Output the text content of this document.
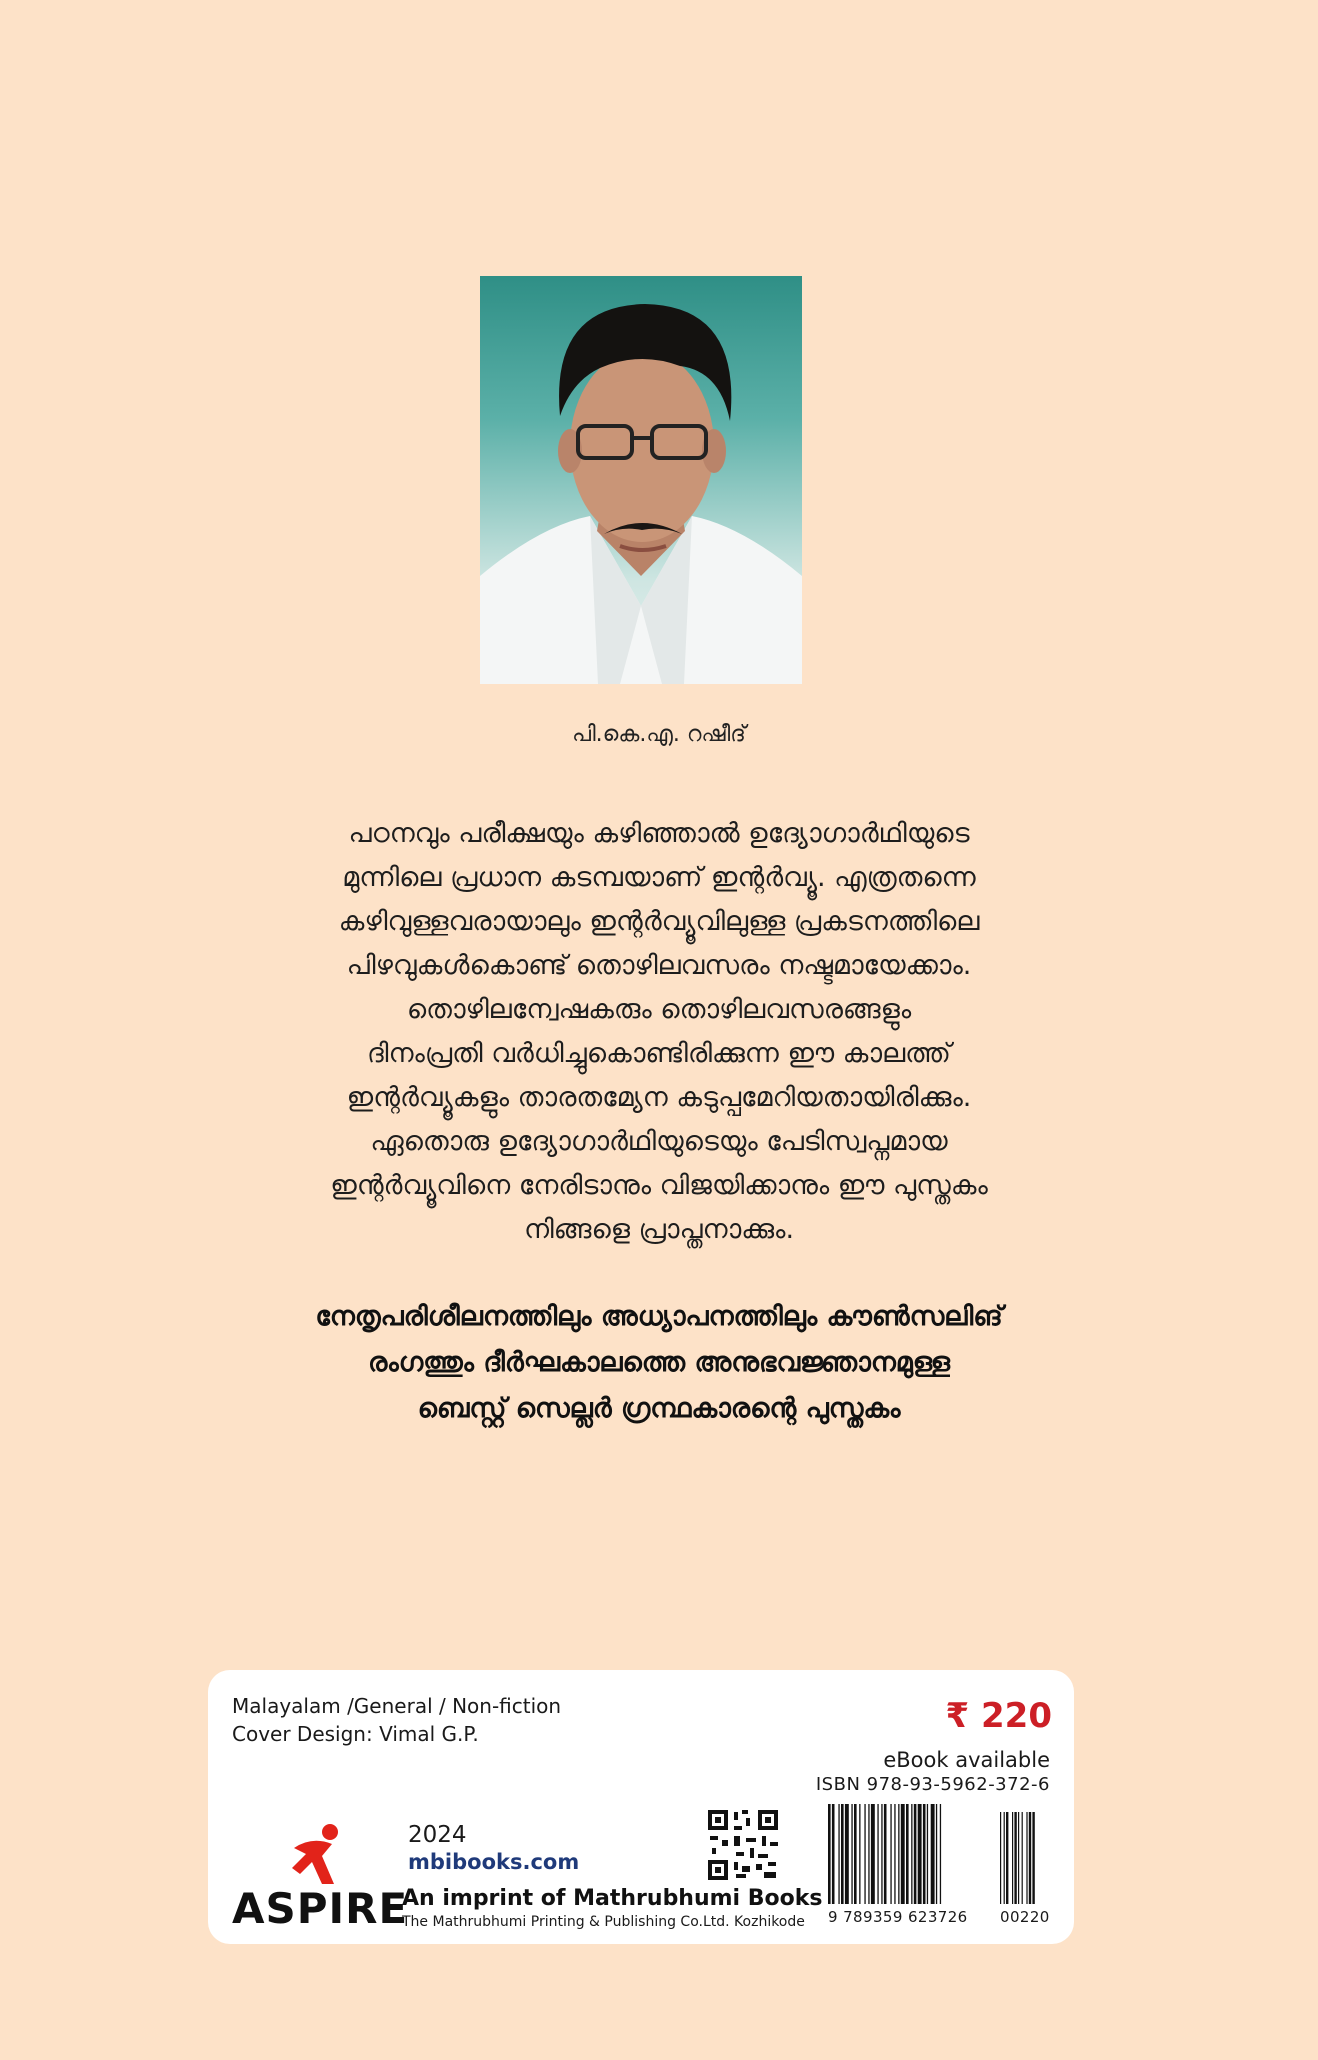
പി.കെ.എ. റഷീദ്

പഠനവും പരീക്ഷയും കഴിഞ്ഞാൽ ഉദ്യോഗാർഥിയുടെ

മുന്നിലെ പ്രധാന കടമ്പയാണ് ഇന്റർവ്യൂ. എത്രതന്നെ

കഴിവുള്ളവരായാലും ഇന്റർവ്യൂവിലുള്ള പ്രകടനത്തിലെ

പിഴവുകൾകൊണ്ട് തൊഴിലവസരം നഷ്ടമായേക്കാം.

തൊഴിലന്വേഷകരും തൊഴിലവസരങ്ങളും

ദിനംപ്രതി വർധിച്ചുകൊണ്ടിരിക്കുന്ന ഈ കാലത്ത്

ഇന്റർവ്യൂകളും താരതമ്യേന കടുപ്പമേറിയതായിരിക്കും.

ഏതൊരു ഉദ്യോഗാർഥിയുടെയും പേടിസ്വപ്നമായ

ഇന്റർവ്യൂവിനെ നേരിടാനും വിജയിക്കാനും ഈ പുസ്തകം

നിങ്ങളെ പ്രാപ്തനാക്കും.

നേതൃപരിശീലനത്തിലും അധ്യാപനത്തിലും കൗൺസലിങ്

രംഗത്തും ദീർഘകാലത്തെ അനുഭവജ്ഞാനമുള്ള

ബെസ്റ്റ് സെല്ലർ ഗ്രന്ഥകാരന്റെ പുസ്തകം

Malayalam /General / Non-fiction
Cover Design: Vimal G.P.	₹ 220
eBook available
ISBN 978-93-5962-372-6
ASPIRE
2024
mbibooks.com
An imprint of Mathrubhumi Books
The Mathrubhumi Printing & Publishing Co.Ltd. Kozhikode 9 789359 623726 00220
